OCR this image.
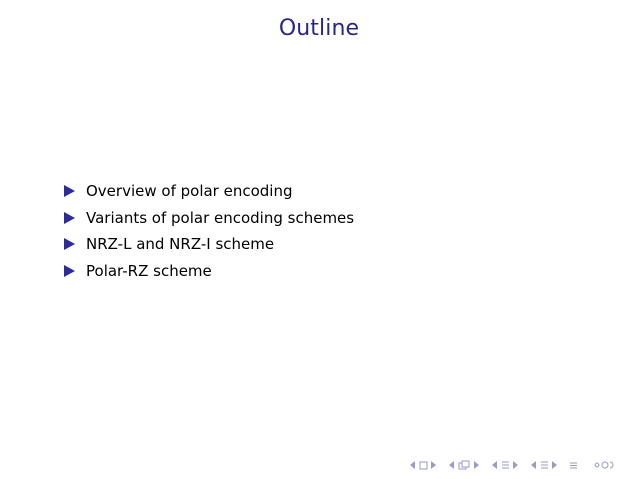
Outline
Overview of polar encoding
Variants of polar encoding schemes
NRZ-L and NRZ-I scheme
Polar-RZ scheme
